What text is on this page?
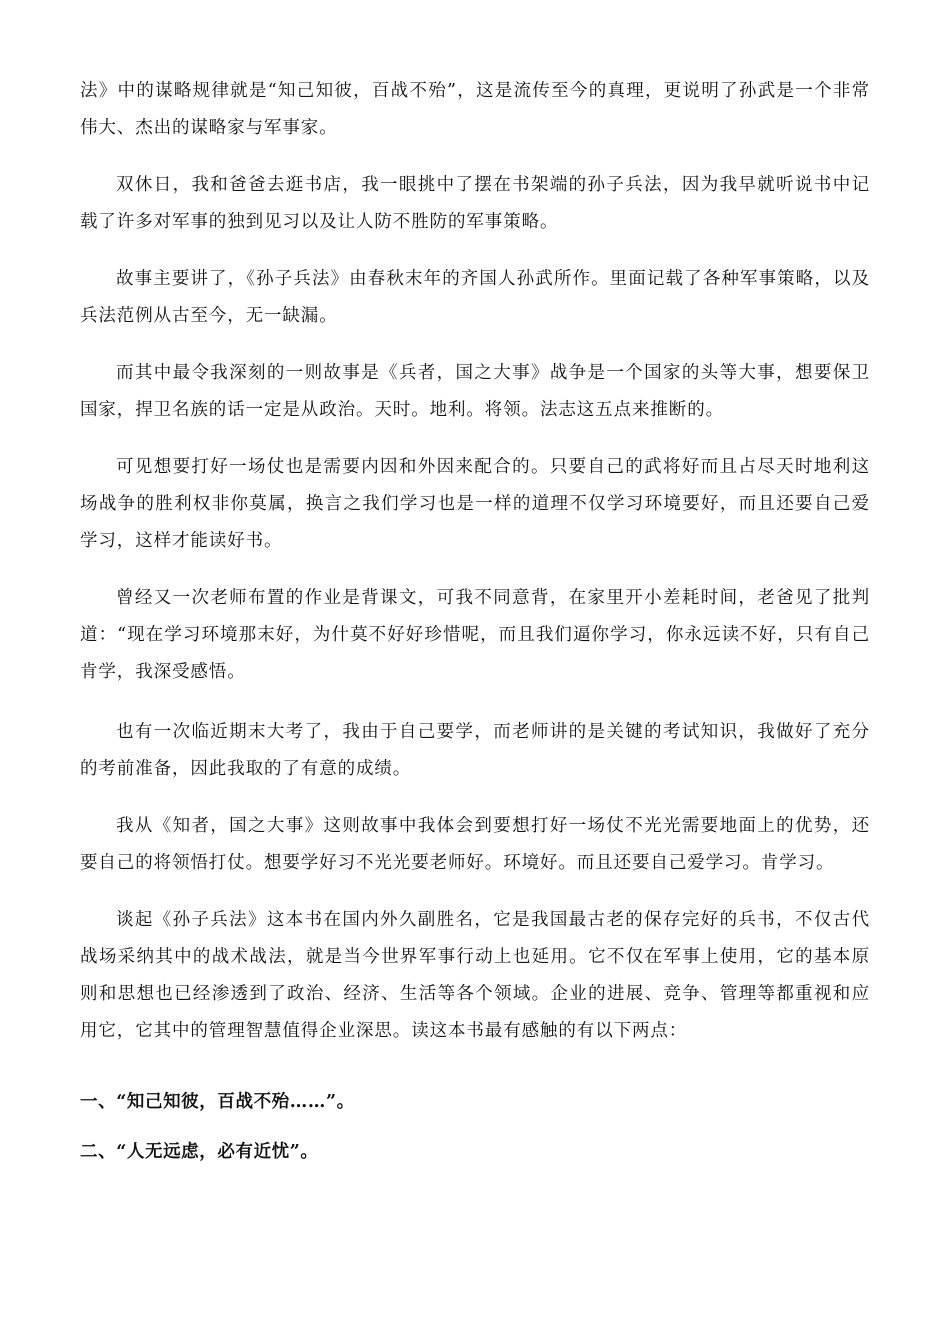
法》中的谋略规律就是“知己知彼，百战不殆”，这是流传至今的真理，更说明了孙武是一个非常伟大、杰出的谋略家与军事家。

双休日，我和爸爸去逛书店，我一眼挑中了摆在书架端的孙子兵法，因为我早就听说书中记载了许多对军事的独到见习以及让人防不胜防的军事策略。

故事主要讲了，《孙子兵法》由春秋末年的齐国人孙武所作。里面记载了各种军事策略，以及兵法范例从古至今，无一缺漏。

而其中最令我深刻的一则故事是《兵者，国之大事》战争是一个国家的头等大事，想要保卫国家，捍卫名族的话一定是从政治。天时。地利。将领。法志这五点来推断的。

可见想要打好一场仗也是需要内因和外因来配合的。只要自己的武将好而且占尽天时地利这场战争的胜利权非你莫属，换言之我们学习也是一样的道理不仅学习环境要好，而且还要自己爱学习，这样才能读好书。

曾经又一次老师布置的作业是背课文，可我不同意背，在家里开小差耗时间，老爸见了批判道：“现在学习环境那末好，为什莫不好好珍惜呢，而且我们逼你学习，你永远读不好，只有自己肯学，我深受感悟。

也有一次临近期末大考了，我由于自己要学，而老师讲的是关键的考试知识，我做好了充分的考前准备，因此我取的了有意的成绩。

我从《知者，国之大事》这则故事中我体会到要想打好一场仗不光光需要地面上的优势，还要自己的将领悟打仗。想要学好习不光光要老师好。环境好。而且还要自己爱学习。肯学习。

谈起《孙子兵法》这本书在国内外久副胜名，它是我国最古老的保存完好的兵书，不仅古代战场采纳其中的战术战法，就是当今世界军事行动上也延用。它不仅在军事上使用，它的基本原则和思想也已经渗透到了政治、经济、生活等各个领域。企业的进展、竞争、管理等都重视和应用它，它其中的管理智慧值得企业深思。读这本书最有感触的有以下两点：

一、“知己知彼，百战不殆……”。

二、“人无远虑，必有近忧”。
